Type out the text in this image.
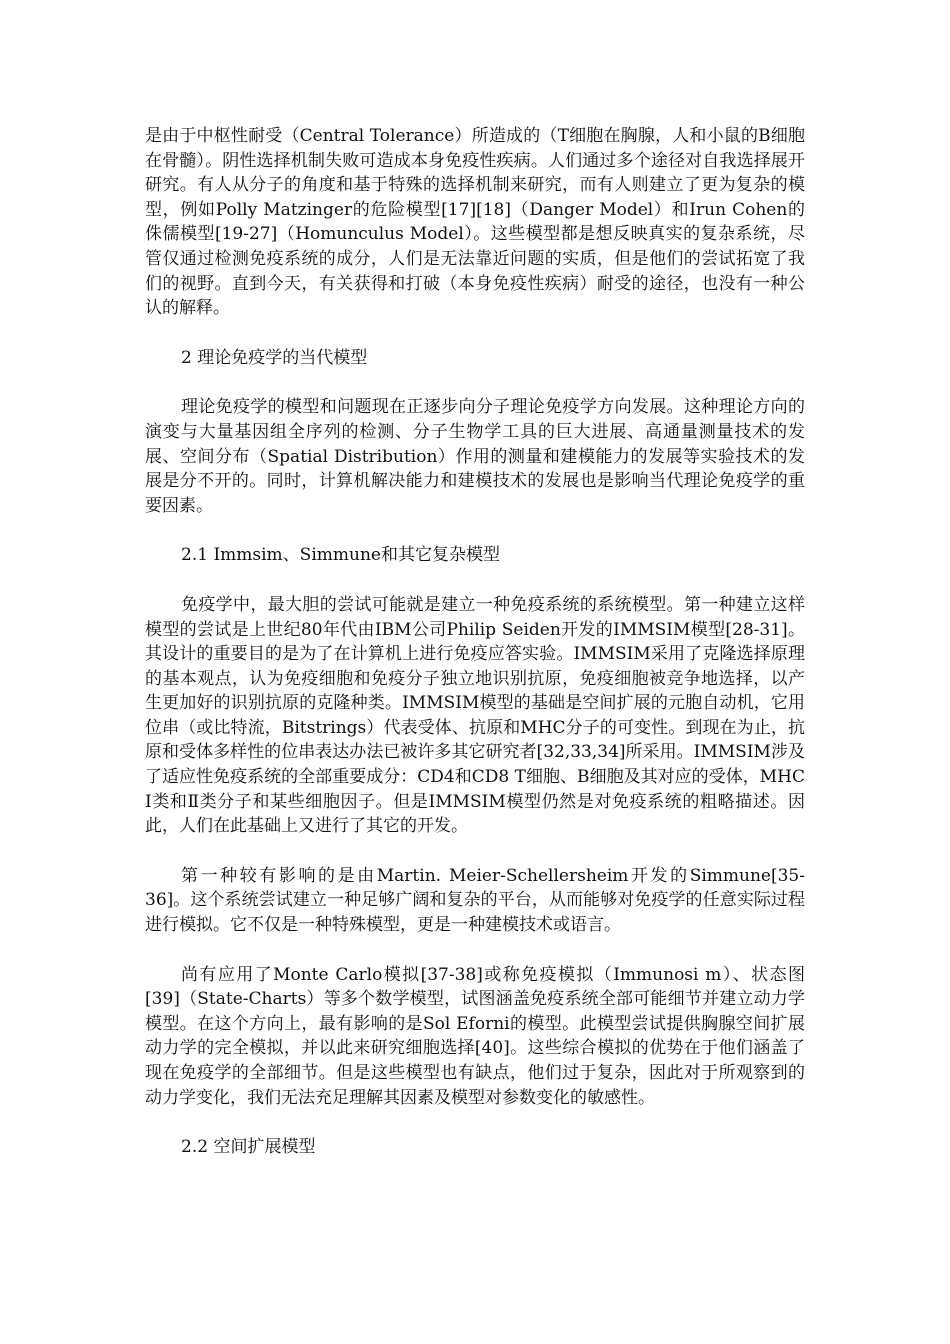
是由于中枢性耐受（Central Tolerance）所造成的（T细胞在胸腺，人和小鼠的B细胞在骨髓）。阴性选择机制失败可造成本身免疫性疾病。人们通过多个途径对自我选择展开研究。有人从分子的角度和基于特殊的选择机制来研究，而有人则建立了更为复杂的模型，例如Polly Matzinger的危险模型[17][18]（Danger Model）和Irun Cohen的侏儒模型[19-27]（Homunculus Model）。这些模型都是想反映真实的复杂系统，尽管仅通过检测免疫系统的成分，人们是无法靠近问题的实质，但是他们的尝试拓宽了我们的视野。直到今天，有关获得和打破（本身免疫性疾病）耐受的途径，也没有一种公认的解释。

2 理论免疫学的当代模型

理论免疫学的模型和问题现在正逐步向分子理论免疫学方向发展。这种理论方向的演变与大量基因组全序列的检测、分子生物学工具的巨大进展、高通量测量技术的发展、空间分布（Spatial Distribution）作用的测量和建模能力的发展等实验技术的发展是分不开的。同时，计算机解决能力和建模技术的发展也是影响当代理论免疫学的重要因素。

2.1 Immsim、Simmune和其它复杂模型

免疫学中，最大胆的尝试可能就是建立一种免疫系统的系统模型。第一种建立这样模型的尝试是上世纪80年代由IBM公司Philip Seiden开发的IMMSIM模型[28-31]。其设计的重要目的是为了在计算机上进行免疫应答实验。IMMSIM采用了克隆选择原理的基本观点，认为免疫细胞和免疫分子独立地识别抗原，免疫细胞被竞争地选择，以产生更加好的识别抗原的克隆种类。IMMSIM模型的基础是空间扩展的元胞自动机，它用位串（或比特流，Bitstrings）代表受体、抗原和MHC分子的可变性。到现在为止，抗原和受体多样性的位串表达办法已被许多其它研究者[32,33,34]所采用。IMMSIM涉及了适应性免疫系统的全部重要成分：CD4和CD8 T细胞、B细胞及其对应的受体，MHC Ⅰ类和Ⅱ类分子和某些细胞因子。但是IMMSIM模型仍然是对免疫系统的粗略描述。因此，人们在此基础上又进行了其它的开发。

第一种较有影响的是由Martin. Meier-Schellersheim开发的Simmune[35-36]。这个系统尝试建立一种足够广阔和复杂的平台，从而能够对免疫学的任意实际过程进行模拟。它不仅是一种特殊模型，更是一种建模技术或语言。

尚有应用了Monte Carlo模拟[37-38]或称免疫模拟（Immunosi m）、状态图[39]（State-Charts）等多个数学模型，试图涵盖免疫系统全部可能细节并建立动力学模型。在这个方向上，最有影响的是Sol Eforni的模型。此模型尝试提供胸腺空间扩展动力学的完全模拟，并以此来研究细胞选择[40]。这些综合模拟的优势在于他们涵盖了现在免疫学的全部细节。但是这些模型也有缺点，他们过于复杂，因此对于所观察到的动力学变化，我们无法充足理解其因素及模型对参数变化的敏感性。

2.2 空间扩展模型
